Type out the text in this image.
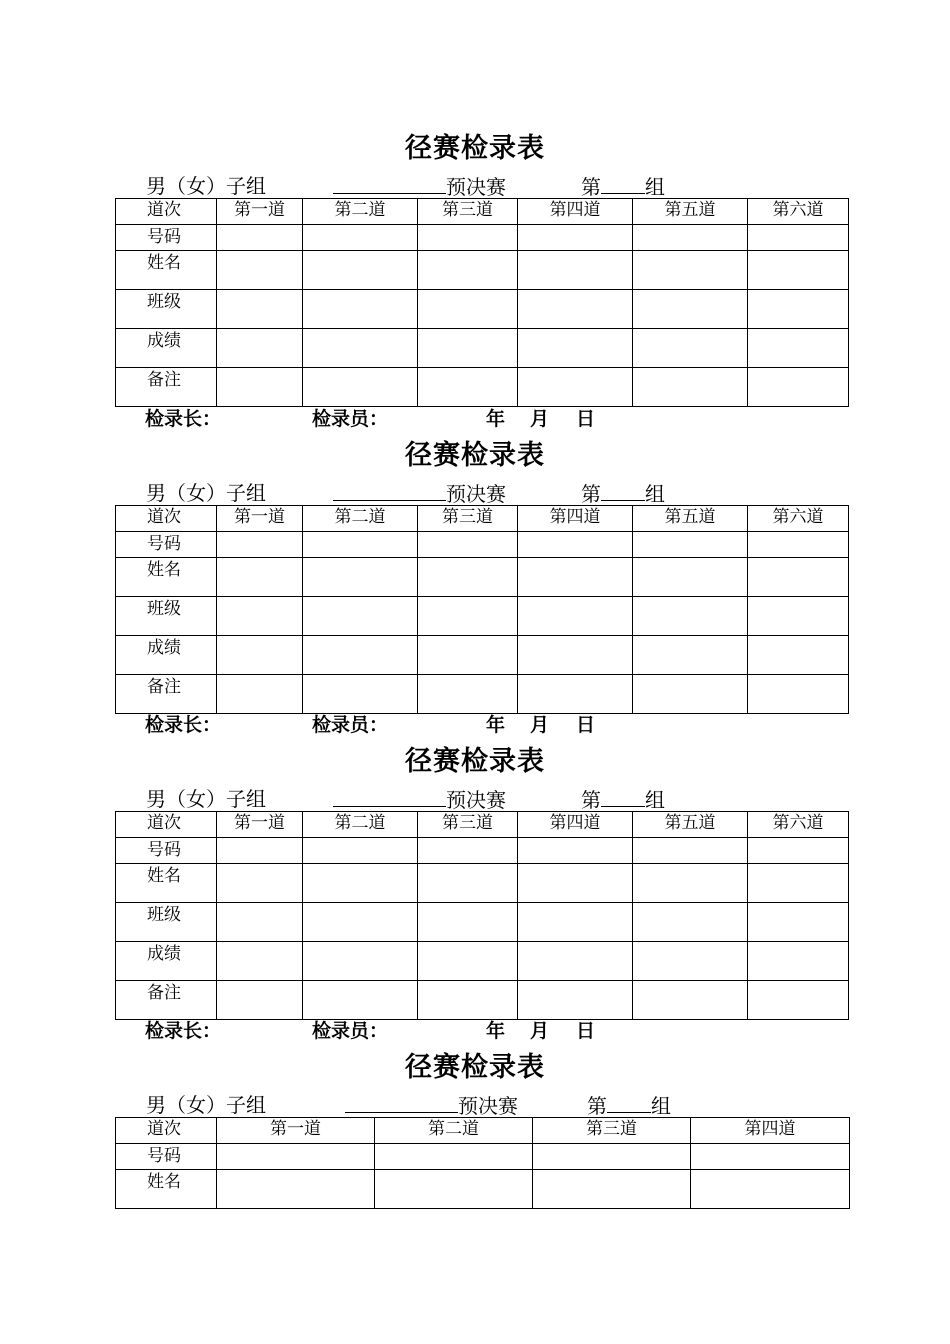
径赛检录表
男（女）子组	预决赛	第 组
道次	第一道	第二道	第三道	第四道	第五道	第六道
号码						
姓名						
班级						
成绩						
备注						
检录长：	检录员：	年 月 日
径赛检录表
男（女）子组	预决赛	第 组
道次	第一道	第二道	第三道	第四道	第五道	第六道
号码						
姓名						
班级						
成绩						
备注						
检录长：	检录员：	年 月 日
径赛检录表
男（女）子组	预决赛	第 组
道次	第一道	第二道	第三道	第四道	第五道	第六道
号码						
姓名						
班级						
成绩						
备注						
检录长：	检录员：	年 月 日
径赛检录表
男（女）子组	预决赛	第 组
道次	第一道	第二道	第三道	第四道
号码				
姓名				
